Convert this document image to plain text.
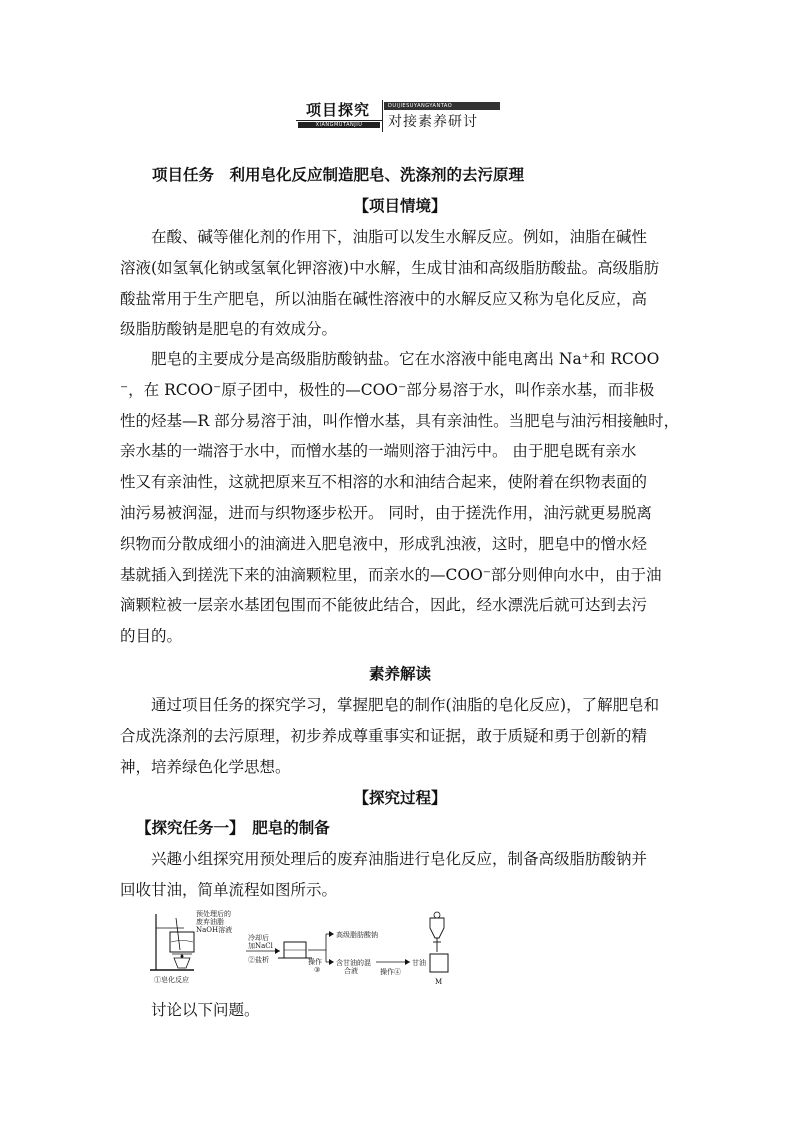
项目探究
XIANGMUTANJIU
DUIJIESUYANGYANTAO
对接素养研讨
项目任务　利用皂化反应制造肥皂、洗涤剂的去污原理
【项目情境】
　　在酸、碱等催化剂的作用下，油脂可以发生水解反应。例如，油脂在碱性
溶液(如氢氧化钠或氢氧化钾溶液)中水解，生成甘油和高级脂肪酸盐。高级脂肪
酸盐常用于生产肥皂，所以油脂在碱性溶液中的水解反应又称为皂化反应，高
级脂肪酸钠是肥皂的有效成分。
素养解读
　　肥皂的主要成分是高级脂肪酸钠盐。它在水溶液中能电离出 Na⁺和 RCOO
⁻，在 RCOO⁻原子团中，极性的—COO⁻部分易溶于水，叫作亲水基，而非极
性的烃基—R 部分易溶于油，叫作憎水基，具有亲油性。当肥皂与油污相接触时，
亲水基的一端溶于水中，而憎水基的一端则溶于油污中。 由于肥皂既有亲水
性又有亲油性，这就把原来互不相溶的水和油结合起来，使附着在织物表面的
油污易被润湿，进而与织物逐步松开。 同时，由于搓洗作用，油污就更易脱离
织物而分散成细小的油滴进入肥皂液中，形成乳浊液，这时，肥皂中的憎水烃
基就插入到搓洗下来的油滴颗粒里，而亲水的—COO⁻部分则伸向水中，由于油
滴颗粒被一层亲水基团包围而不能彼此结合，因此，经水漂洗后就可达到去污
的目的。
　　通过项目任务的探究学习，掌握肥皂的制作(油脂的皂化反应)，了解肥皂和
合成洗涤剂的去污原理，初步养成尊重事实和证据，敢于质疑和勇于创新的精
神，培养绿色化学思想。
【探究过程】
【探究任务一】　肥皂的制备
　　兴趣小组探究用预处理后的废弃油脂进行皂化反应，制备高级脂肪酸钠并
回收甘油，简单流程如图所示。
预处理后的
废弃油脂
NaOH溶液
①皂化反应
冷却后
加NaCl
②盐析	操作
③
高级脂肪酸钠
含甘油的混
合液	操作④
甘油
M
　　讨论以下问题。
